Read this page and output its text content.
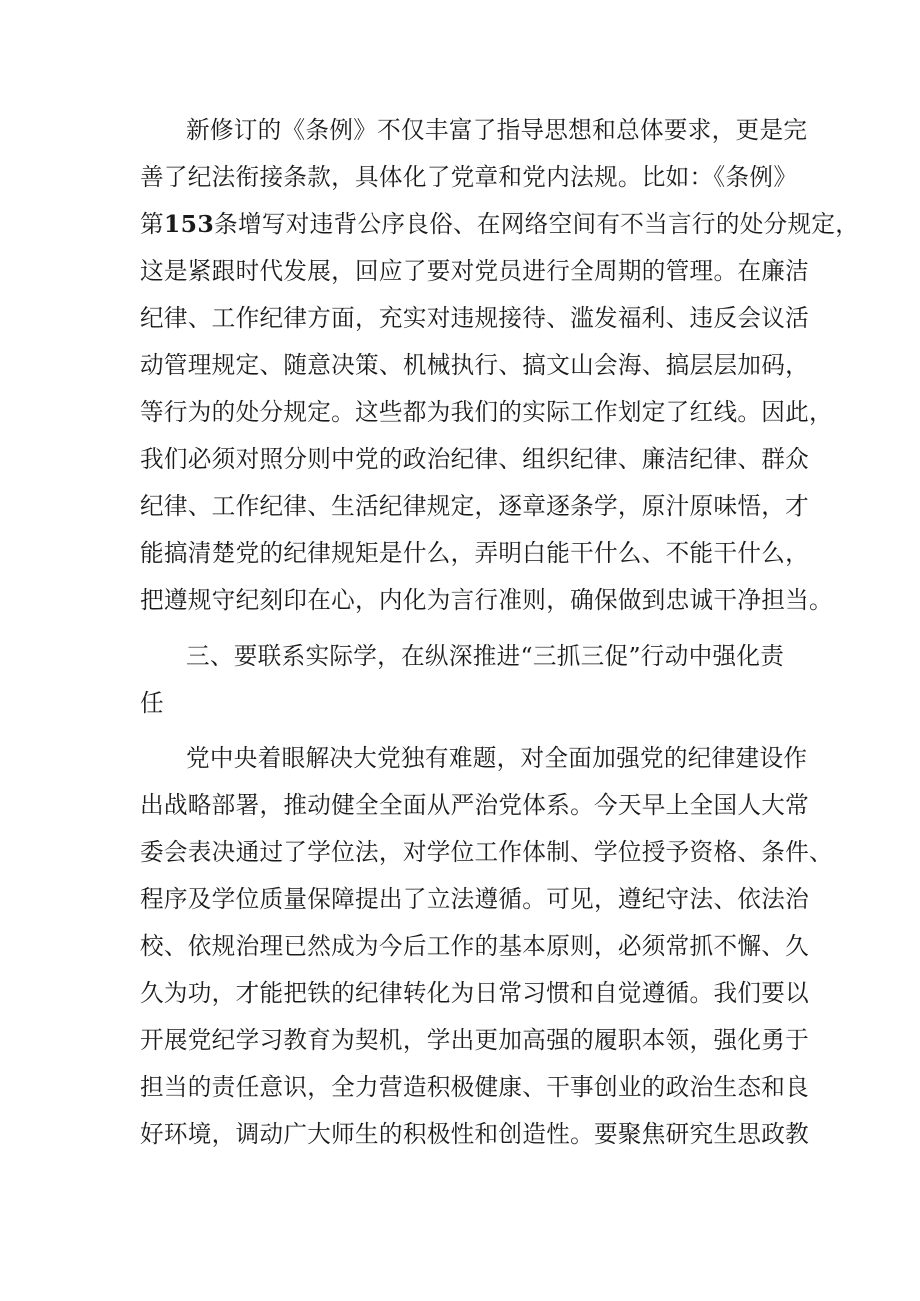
新修订的《条例》不仅丰富了指导思想和总体要求，更是完
善了纪法衔接条款，具体化了党章和党内法规。比如：《条例》
第153条增写对违背公序良俗、在网络空间有不当言行的处分规定，
这是紧跟时代发展，回应了要对党员进行全周期的管理。在廉洁
纪律、工作纪律方面，充实对违规接待、滥发福利、违反会议活
动管理规定、随意决策、机械执行、搞文山会海、搞层层加码，
等行为的处分规定。这些都为我们的实际工作划定了红线。因此，
我们必须对照分则中党的政治纪律、组织纪律、廉洁纪律、群众
纪律、工作纪律、生活纪律规定，逐章逐条学，原汁原味悟，才
能搞清楚党的纪律规矩是什么，弄明白能干什么、不能干什么，
把遵规守纪刻印在心，内化为言行准则，确保做到忠诚干净担当。
三、要联系实际学，在纵深推进“三抓三促”行动中强化责
任
党中央着眼解决大党独有难题，对全面加强党的纪律建设作
出战略部署，推动健全全面从严治党体系。今天早上全国人大常
委会表决通过了学位法，对学位工作体制、学位授予资格、条件、
程序及学位质量保障提出了立法遵循。可见，遵纪守法、依法治
校、依规治理已然成为今后工作的基本原则，必须常抓不懈、久
久为功，才能把铁的纪律转化为日常习惯和自觉遵循。我们要以
开展党纪学习教育为契机，学出更加高强的履职本领，强化勇于
担当的责任意识，全力营造积极健康、干事创业的政治生态和良
好环境，调动广大师生的积极性和创造性。要聚焦研究生思政教
